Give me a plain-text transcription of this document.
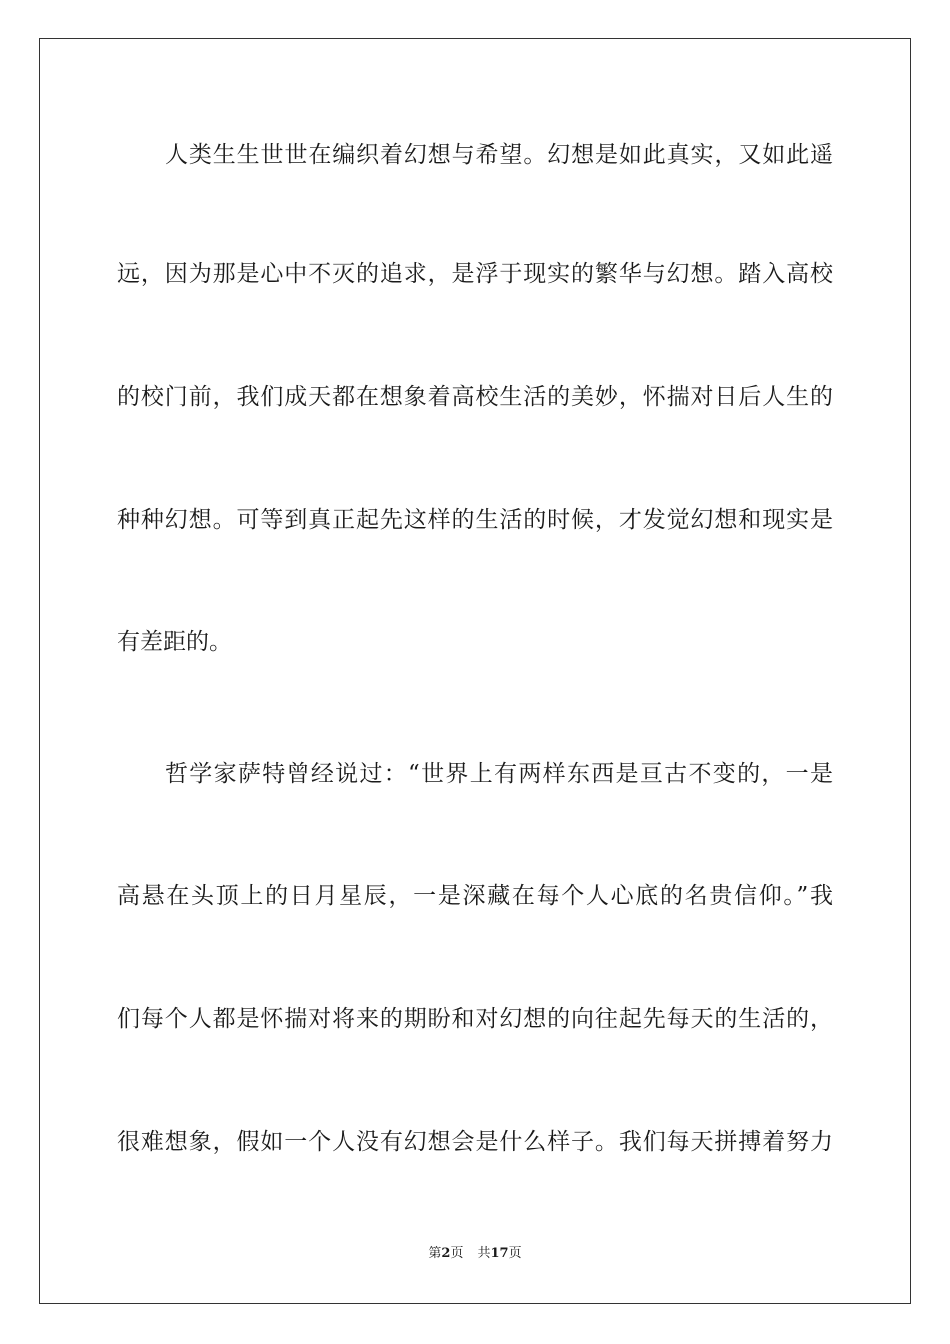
人类生生世世在编织着幻想与希望。幻想是如此真实，又如此遥
远，因为那是心中不灭的追求，是浮于现实的繁华与幻想。踏入高校
的校门前，我们成天都在想象着高校生活的美妙，怀揣对日后人生的
种种幻想。可等到真正起先这样的生活的时候，才发觉幻想和现实是
有差距的。
哲学家萨特曾经说过：“世界上有两样东西是亘古不变的，一是
高悬在头顶上的日月星辰，一是深藏在每个人心底的名贵信仰。”我
们每个人都是怀揣对将来的期盼和对幻想的向往起先每天的生活的，
很难想象，假如一个人没有幻想会是什么样子。我们每天拼搏着努力
第2页 共17页
